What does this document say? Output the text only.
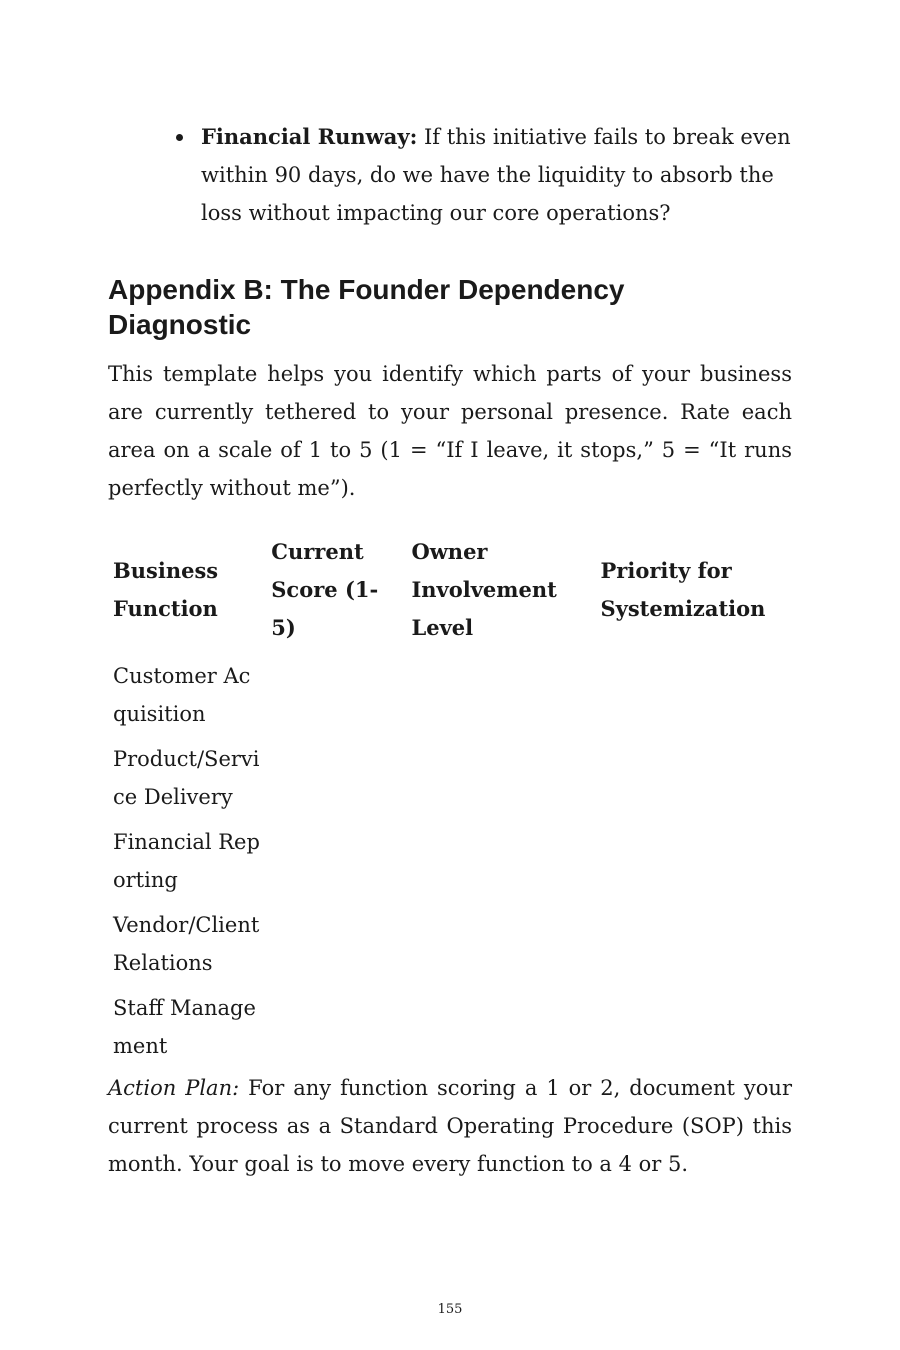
Financial Runway: If this initiative fails to break even within 90 days, do we have the liquidity to absorb the loss without impacting our core operations?
Appendix B: The Founder Dependency Diagnostic

This template helps you identify which parts of your business are currently tethered to your personal presence. Rate each area on a scale of 1 to 5 (1 = “If I leave, it stops,” 5 = “It runs perfectly without me”).

Business Function	Current Score (1-5)	Owner Involvement Level	Priority for Systemization
Customer Acquisition			
Product/Service Delivery			
Financial Reporting			
Vendor/Client Relations			
Staff Management			

Action Plan: For any function scoring a 1 or 2, document your current process as a Standard Operating Procedure (SOP) this month. Your goal is to move every function to a 4 or 5.

155
